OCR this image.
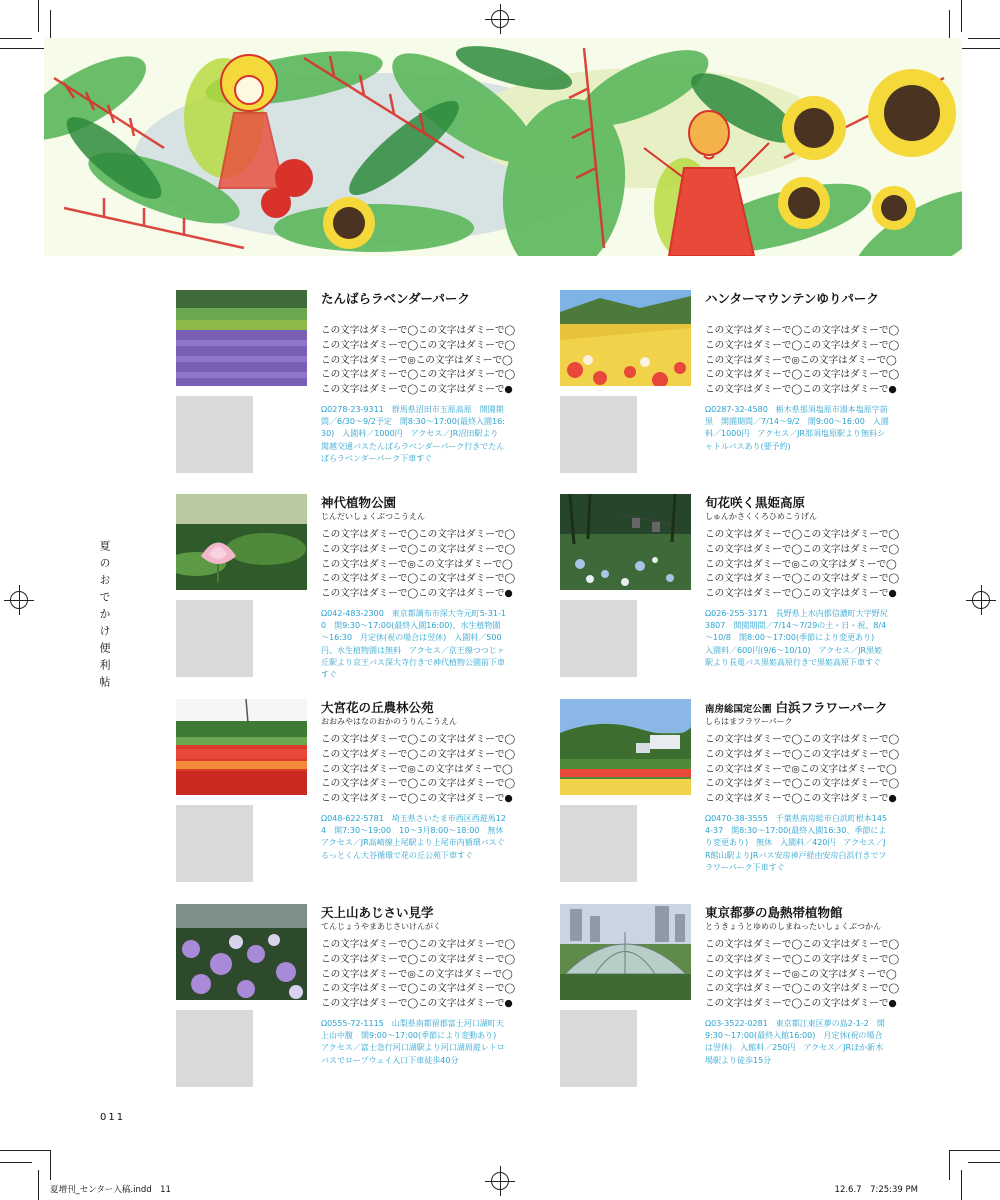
夏のおでかけ便利帖
011
夏増刊_センター入稿.indd　11	12.6.7　7:25:39 PM
たんばらラベンダーパーク
この文字はダミーで◯この文字はダミーで◯
この文字はダミーで◯この文字はダミーで◯
この文字はダミーで◎この文字はダミーで◯
この文字はダミーで◯この文字はダミーで◯
この文字はダミーで◯この文字はダミーで●
Ω0278-23-9311　群馬県沼田市玉原高原　開園期間／6/30～9/2予定　開8:30～17:00(最終入園16:30)　入園料／1000円　アクセス／JR沼田駅より関越交通バスたんばらラベンダーパーク行きでたんばらラベンダーパーク下車すぐ
ハンターマウンテンゆりパーク
この文字はダミーで◯この文字はダミーで◯
この文字はダミーで◯この文字はダミーで◯
この文字はダミーで◎この文字はダミーで◯
この文字はダミーで◯この文字はダミーで◯
この文字はダミーで◯この文字はダミーで●
Ω0287-32-4580　栃木県那須塩原市湯本塩原字前黒　開園期間／7/14～9/2　開9:00～16:00　入園料／1000円　アクセス／JR那須塩原駅より無料シャトルバスあり(要予約)
神代植物公園
じんだいしょくぶつこうえん
この文字はダミーで◯この文字はダミーで◯
この文字はダミーで◯この文字はダミーで◯
この文字はダミーで◎この文字はダミーで◯
この文字はダミーで◯この文字はダミーで◯
この文字はダミーで◯この文字はダミーで●
Ω042-483-2300　東京都調布市深大寺元町5-31-10　開9:30～17:00(最終入園16:00)、水生植物園～16:30　月定休(祝の場合は翌休)　入園料／500円、水生植物園は無料　アクセス／京王線つつじヶ丘駅より京王バス深大寺行きで神代植物公園前下車すぐ
旬花咲く黒姫高原
しゅんかさくくろひめこうげん
この文字はダミーで◯この文字はダミーで◯
この文字はダミーで◯この文字はダミーで◯
この文字はダミーで◎この文字はダミーで◯
この文字はダミーで◯この文字はダミーで◯
この文字はダミーで◯この文字はダミーで●
Ω026-255-3171　長野県上水内郡信濃町大字野尻3807　開園期間／7/14～7/29の土・日・祝、8/4～10/8　開8:00～17:00(季節により変更あり)　入園料／600円(9/6～10/10)　アクセス／JR黒姫駅より長電バス黒姫高原行きで黒姫高原下車すぐ
大宮花の丘農林公苑
おおみやはなのおかのうりんこうえん
この文字はダミーで◯この文字はダミーで◯
この文字はダミーで◯この文字はダミーで◯
この文字はダミーで◎この文字はダミーで◯
この文字はダミーで◯この文字はダミーで◯
この文字はダミーで◯この文字はダミーで●
Ω048-622-5781　埼玉県さいたま市西区西遊馬124　開7:30～19:00　10～3月8:00～18:00　無休　アクセス／JR高崎線上尾駅より上尾市内循環バスぐるっとくん大谷循環で花の丘公苑下車すぐ
南房総国定公園 白浜フラワーパーク
しらはまフラワーパーク
この文字はダミーで◯この文字はダミーで◯
この文字はダミーで◯この文字はダミーで◯
この文字はダミーで◎この文字はダミーで◯
この文字はダミーで◯この文字はダミーで◯
この文字はダミーで◯この文字はダミーで●
Ω0470-38-3555　千葉県南房総市白浜町根本1454-37　開8:30～17:00(最終入園16:30、季節により変更あり)　無休　入園料／420円　アクセス／JR館山駅よりJRバス安房神戸経由安房白浜行きでフラワーパーク下車すぐ
天上山あじさい見学
てんじょうやまあじさいけんがく
この文字はダミーで◯この文字はダミーで◯
この文字はダミーで◯この文字はダミーで◯
この文字はダミーで◎この文字はダミーで◯
この文字はダミーで◯この文字はダミーで◯
この文字はダミーで◯この文字はダミーで●
Ω0555-72-1115　山梨県南都留郡富士河口湖町天上山中腹　開9:00～17:00(季節により変動あり)　アクセス／富士急行河口湖駅より河口湖周遊レトロバスでロープウェイ入口下車徒歩40分
東京都夢の島熱帯植物館
とうきょうとゆめのしまねったいしょくぶつかん
この文字はダミーで◯この文字はダミーで◯
この文字はダミーで◯この文字はダミーで◯
この文字はダミーで◎この文字はダミーで◯
この文字はダミーで◯この文字はダミーで◯
この文字はダミーで◯この文字はダミーで●
Ω03-3522-0281　東京都江東区夢の島2-1-2　開9:30～17:00(最終入館16:00)　月定休(祝の場合は翌休)　入館料／250円　アクセス／JRほか新木場駅より徒歩15分
